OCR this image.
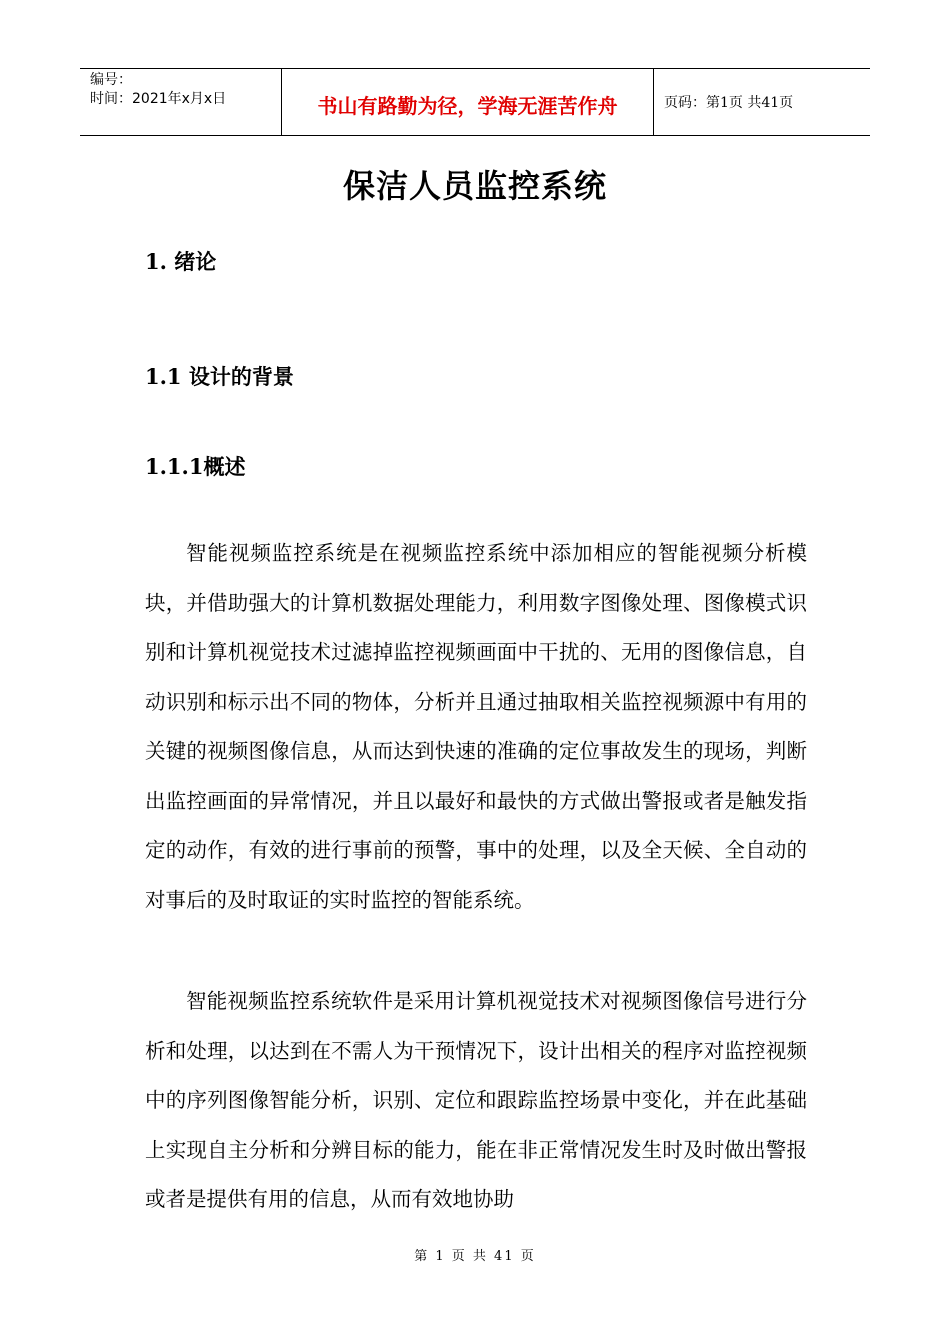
编号：
时间：2021年x月x日	书山有路勤为径，学海无涯苦作舟	页码：第1页 共41页
保洁人员监控系统
1. 绪论
1.1 设计的背景
1.1.1概述

智能视频监控系统是在视频监控系统中添加相应的智能视频分析模块，并借助强大的计算机数据处理能力，利用数字图像处理、图像模式识别和计算机视觉技术过滤掉监控视频画面中干扰的、无用的图像信息，自动识别和标示出不同的物体，分析并且通过抽取相关监控视频源中有用的关键的视频图像信息，从而达到快速的准确的定位事故发生的现场，判断出监控画面的异常情况，并且以最好和最快的方式做出警报或者是触发指定的动作，有效的进行事前的预警，事中的处理，以及全天候、全自动的对事后的及时取证的实时监控的智能系统。

智能视频监控系统软件是采用计算机视觉技术对视频图像信号进行分析和处理，以达到在不需人为干预情况下，设计出相关的程序对监控视频中的序列图像智能分析，识别、定位和跟踪监控场景中变化，并在此基础上实现自主分析和分辨目标的能力，能在非正常情况发生时及时做出警报或者是提供有用的信息，从而有效地协助

第 1 页 共 41 页
